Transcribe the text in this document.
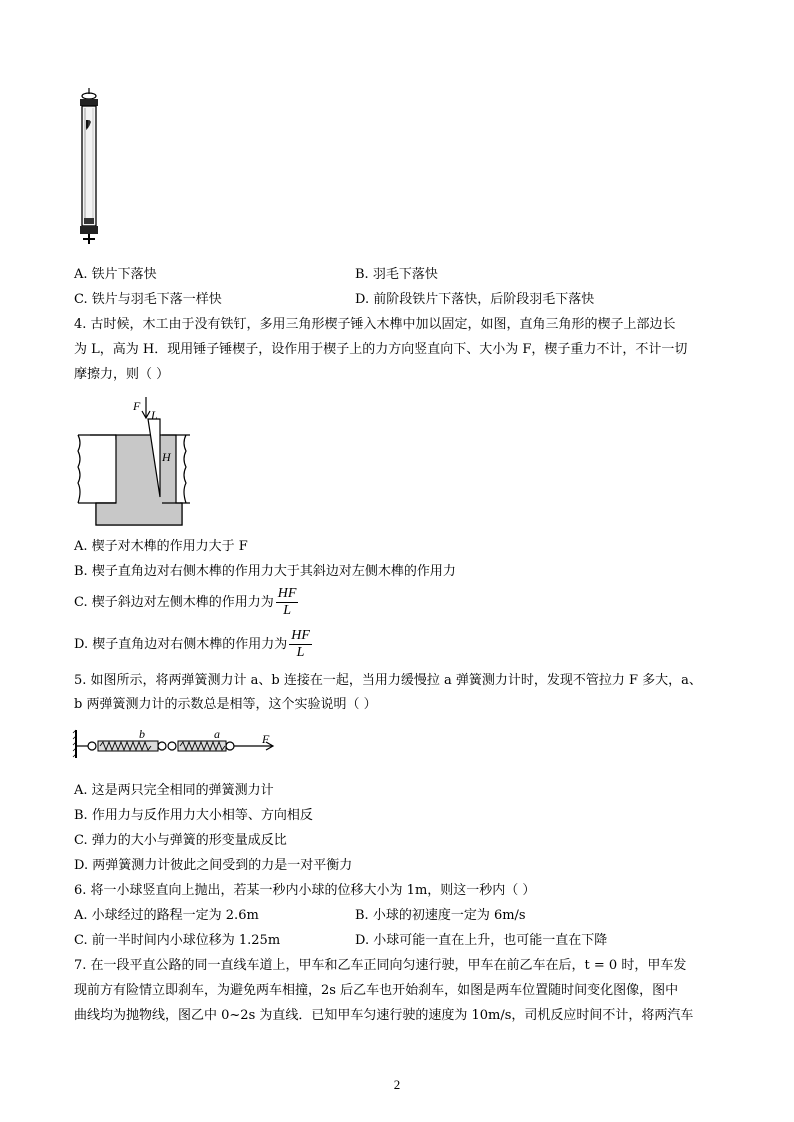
A. 铁片下落快	B. 羽毛下落快
C. 铁片与羽毛下落一样快	D. 前阶段铁片下落快，后阶段羽毛下落快
4. 古时候，木工由于没有铁钉，多用三角形楔子锤入木榫中加以固定，如图，直角三角形的楔子上部边长
为 L，高为 H．现用锤子锤楔子，设作用于楔子上的力方向竖直向下、大小为 F，楔子重力不计，不计一切
摩擦力，则（ ）
F
L
H
A. 楔子对木榫的作用力大于 F
B. 楔子直角边对右侧木榫的作用力大于其斜边对左侧木榫的作用力
C. 楔子斜边对左侧木榫的作用力为 $\frac{HF}{L}$
D. 楔子直角边对右侧木榫的作用力为 $\frac{HF}{L}$
5. 如图所示，将两弹簧测力计 a、b 连接在一起，当用力缓慢拉 a 弹簧测力计时，发现不管拉力 F 多大，a、
b 两弹簧测力计的示数总是相等，这个实验说明（ ）
b	a	F
A. 这是两只完全相同的弹簧测力计
B. 作用力与反作用力大小相等、方向相反
C. 弹力的大小与弹簧的形变量成反比
D. 两弹簧测力计彼此之间受到的力是一对平衡力
6. 将一小球竖直向上抛出，若某一秒内小球的位移大小为 1m，则这一秒内（ ）
A. 小球经过的路程一定为 2.6m	B. 小球的初速度一定为 6m/s
C. 前一半时间内小球位移为 1.25m	D. 小球可能一直在上升，也可能一直在下降
7. 在一段平直公路的同一直线车道上，甲车和乙车正同向匀速行驶，甲车在前乙车在后，t = 0 时，甲车发
现前方有险情立即刹车，为避免两车相撞，2s 后乙车也开始刹车，如图是两车位置随时间变化图像，图中
曲线均为抛物线，图乙中 0~2s 为直线．已知甲车匀速行驶的速度为 10m/s，司机反应时间不计，将两汽车
2
